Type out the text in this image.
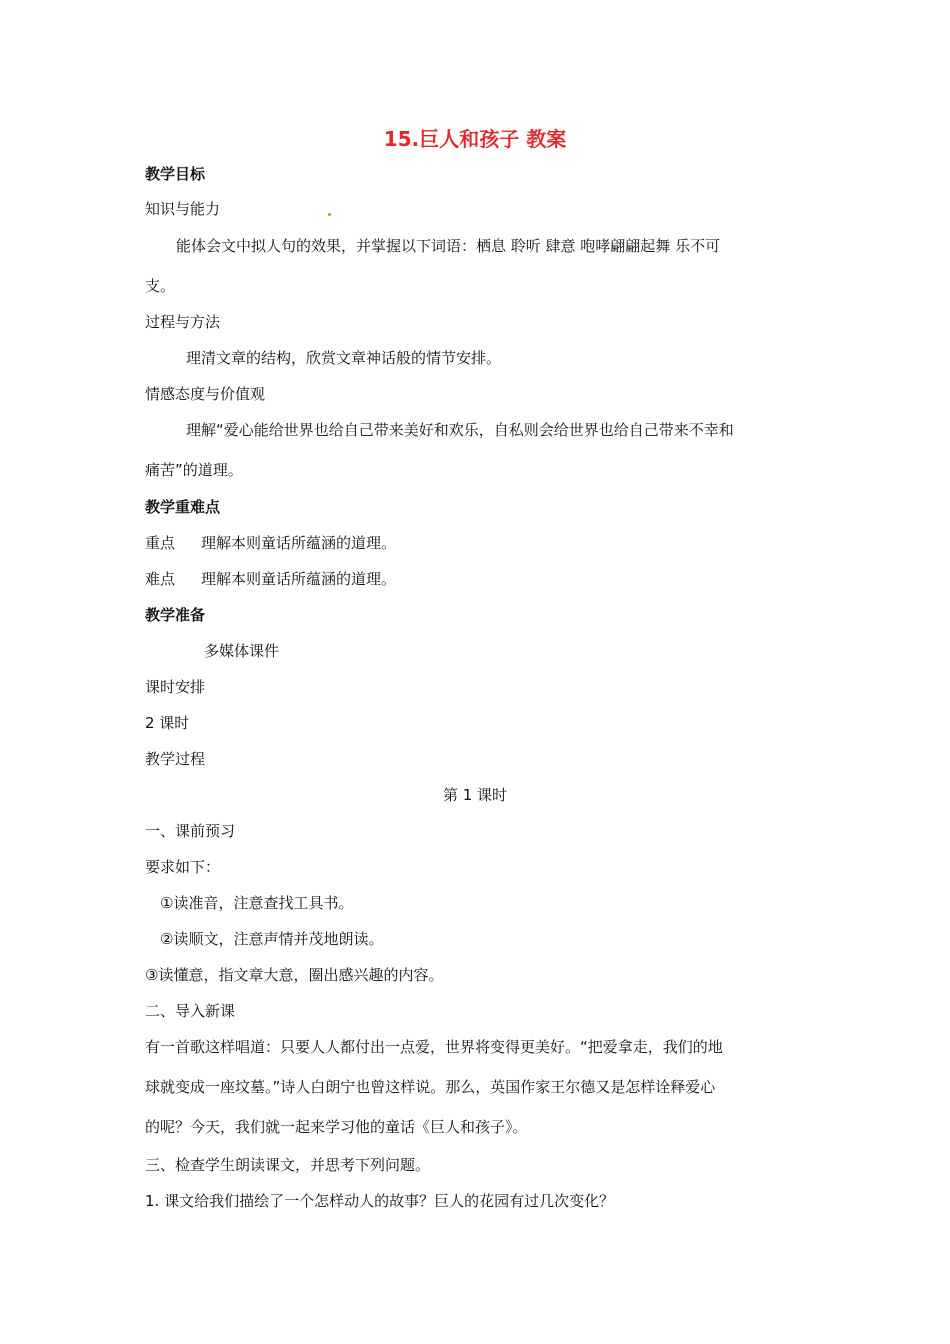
15.巨人和孩子 教案
教学目标
知识与能力
能体会文中拟人句的效果，并掌握以下词语：栖息 聆听 肆意 咆哮翩翩起舞 乐不可
支。
过程与方法
理清文章的结构，欣赏文章神话般的情节安排。
情感态度与价值观
理解“爱心能给世界也给自己带来美好和欢乐，自私则会给世界也给自己带来不幸和
痛苦”的道理。
教学重难点
重点 理解本则童话所蕴涵的道理。
难点 理解本则童话所蕴涵的道理。
教学准备
多媒体课件
课时安排
2 课时
教学过程
第 1 课时
一、课前预习
要求如下：
①读准音，注意查找工具书。
②读顺文，注意声情并茂地朗读。
③读懂意，指文章大意，圈出感兴趣的内容。
二、导入新课
有一首歌这样唱道：只要人人都付出一点爱，世界将变得更美好。“把爱拿走，我们的地
球就变成一座坟墓。”诗人白朗宁也曾这样说。那么，英国作家王尔德又是怎样诠释爱心
的呢？今天，我们就一起来学习他的童话《巨人和孩子》。
三、检查学生朗读课文，并思考下列问题。
1. 课文给我们描绘了一个怎样动人的故事？巨人的花园有过几次变化？
